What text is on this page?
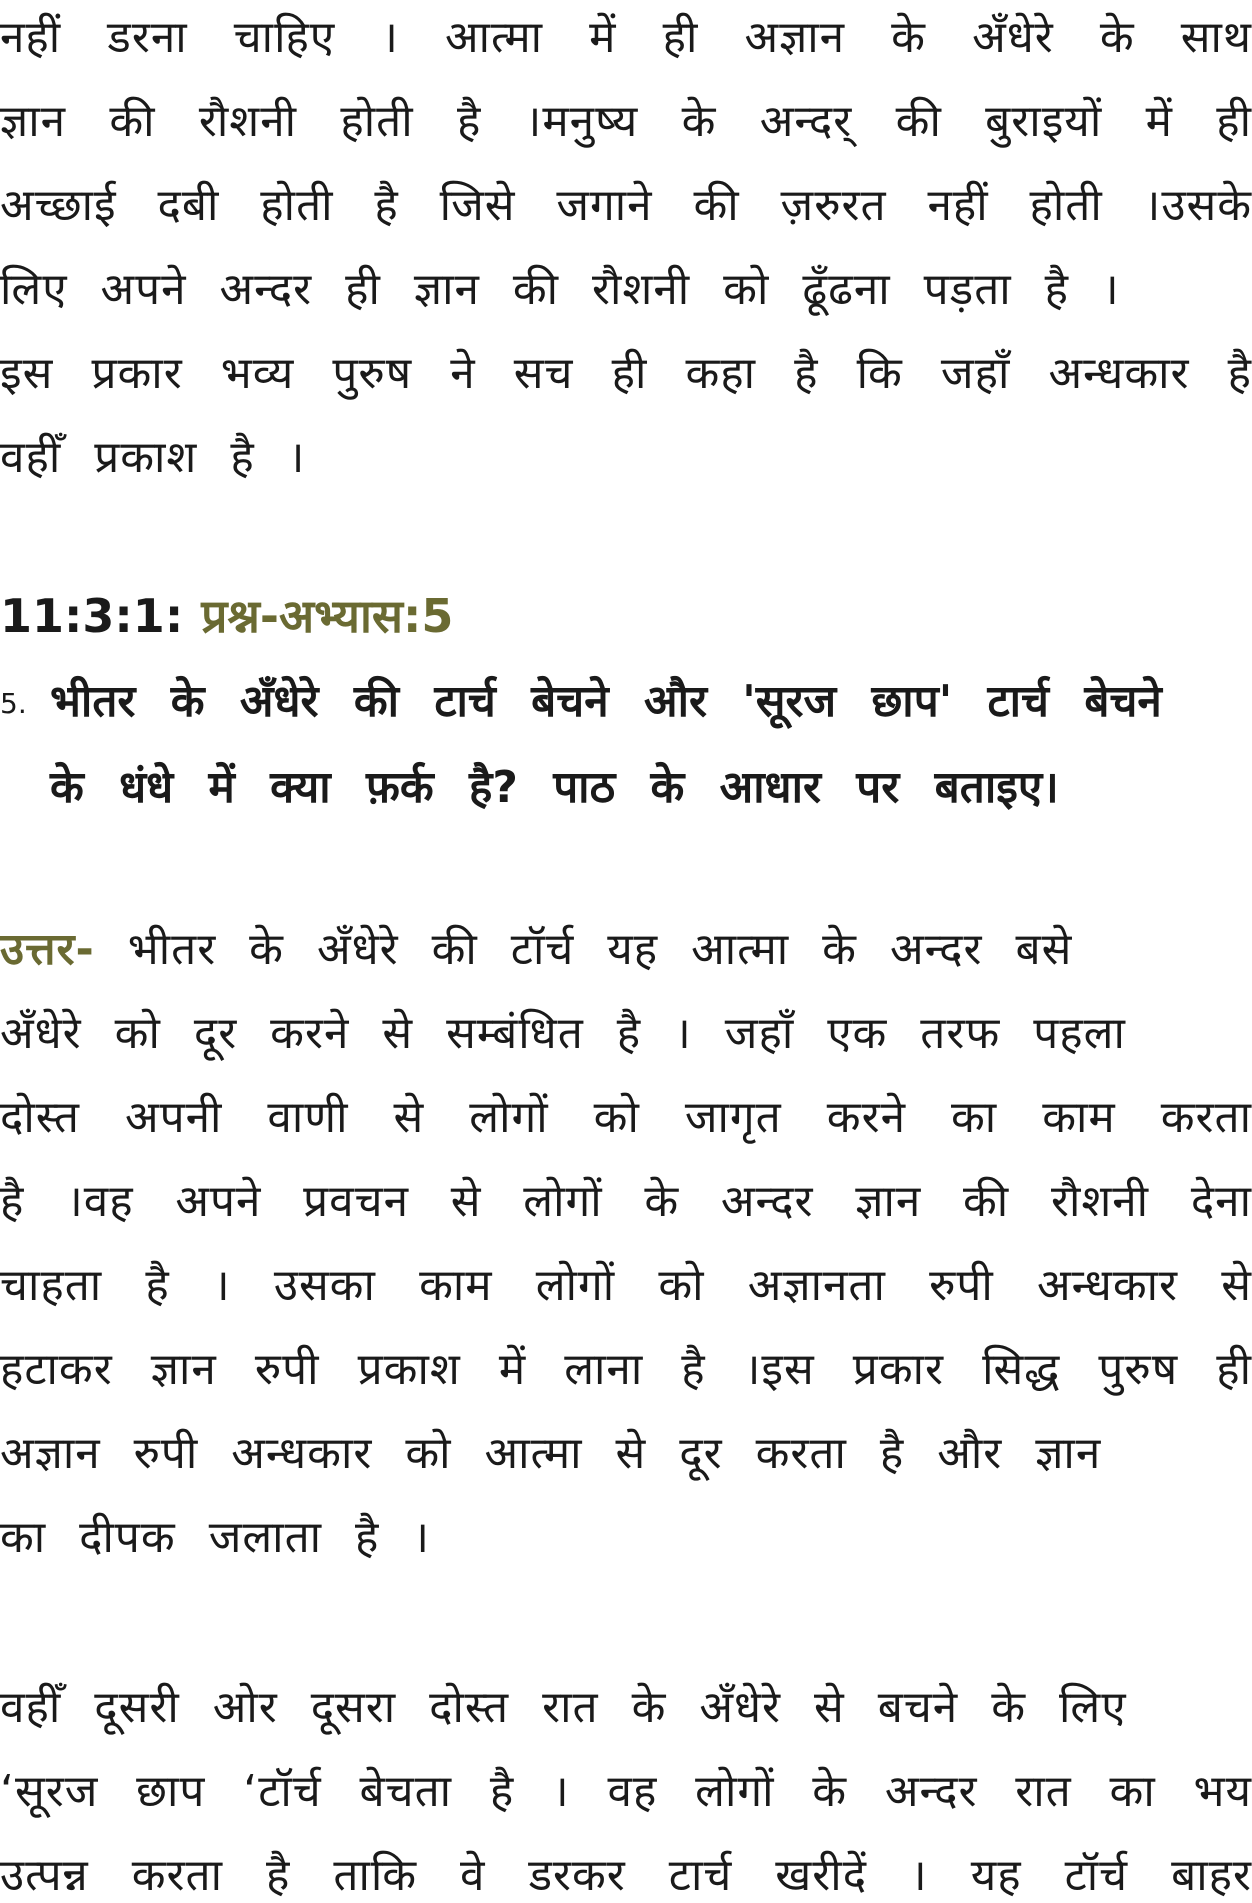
नहीं डरना चाहिए । आत्मा में ही अज्ञान के अँधेरे के साथ
ज्ञान की रौशनी होती है ।मनुष्य के अन्दर् की बुराइयों में ही
अच्छाई दबी होती है जिसे जगाने की ज़रुरत नहीं होती ।उसके
लिए अपने अन्दर ही ज्ञान की रौशनी को ढूँढना पड़ता है ।
इस प्रकार भव्य पुरुष ने सच ही कहा है कि जहाँ अन्धकार है
वहीँ प्रकाश है ।
11:3:1: प्रश्न-अभ्यास:5
5. भीतर के अँधेरे की टार्च बेचने और 'सूरज छाप' टार्च बेचने
के धंधे में क्या फ़र्क है? पाठ के आधार पर बताइए।
उत्तर- भीतर के अँधेरे की टॉर्च यह आत्मा के अन्दर बसे
अँधेरे को दूर करने से सम्बंधित है । जहाँ एक तरफ पहला
दोस्त अपनी वाणी से लोगों को जागृत करने का काम करता
है ।वह अपने प्रवचन से लोगों के अन्दर ज्ञान की रौशनी देना
चाहता है । उसका काम लोगों को अज्ञानता रुपी अन्धकार से
हटाकर ज्ञान रुपी प्रकाश में लाना है ।इस प्रकार सिद्ध पुरुष ही
अज्ञान रुपी अन्धकार को आत्मा से दूर करता है और ज्ञान
का दीपक जलाता है ।
वहीँ दूसरी ओर दूसरा दोस्त रात के अँधेरे से बचने के लिए
‘सूरज छाप ‘टॉर्च बेचता है । वह लोगों के अन्दर रात का भय
उत्पन्न करता है ताकि वे डरकर टार्च खरीदें । यह टॉर्च बाहर
